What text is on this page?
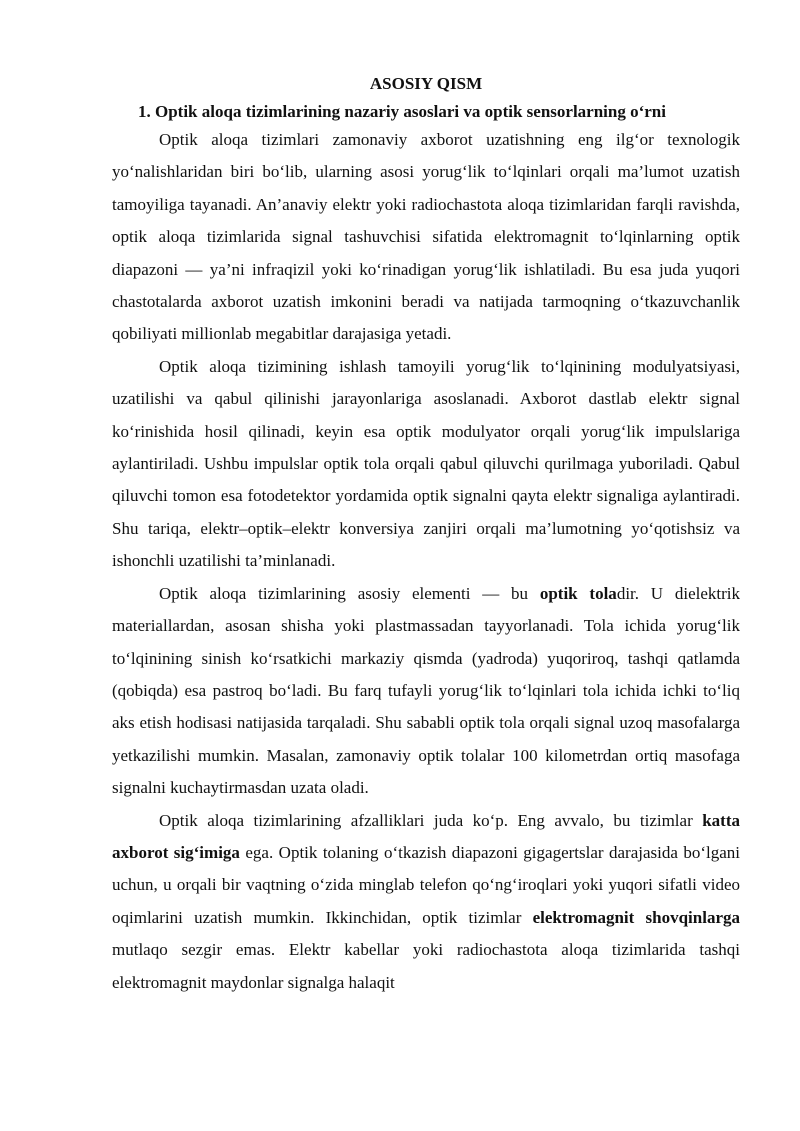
ASOSIY QISM
1. Optik aloqa tizimlarining nazariy asoslari va optik sensorlarning o‘rni

Optik aloqa tizimlari zamonaviy axborot uzatishning eng ilg‘or texnologik yo‘nalishlaridan biri bo‘lib, ularning asosi yorug‘lik to‘lqinlari orqali ma’lumot uzatish tamoyiliga tayanadi. An’anaviy elektr yoki radiochastota aloqa tizimlaridan farqli ravishda, optik aloqa tizimlarida signal tashuvchisi sifatida elektromagnit to‘lqinlarning optik diapazoni — ya’ni infraqizil yoki ko‘rinadigan yorug‘lik ishlatiladi. Bu esa juda yuqori chastotalarda axborot uzatish imkonini beradi va natijada tarmoqning o‘tkazuvchanlik qobiliyati millionlab megabitlar darajasiga yetadi.

Optik aloqa tizimining ishlash tamoyili yorug‘lik to‘lqinining modulyatsiyasi, uzatilishi va qabul qilinishi jarayonlariga asoslanadi. Axborot dastlab elektr signal ko‘rinishida hosil qilinadi, keyin esa optik modulyator orqali yorug‘lik impulslariga aylantiriladi. Ushbu impulslar optik tola orqali qabul qiluvchi qurilmaga yuboriladi. Qabul qiluvchi tomon esa fotodetektor yordamida optik signalni qayta elektr signaliga aylantiradi. Shu tariqa, elektr–optik–elektr konversiya zanjiri orqali ma’lumotning yo‘qotishsiz va ishonchli uzatilishi ta’minlanadi.

Optik aloqa tizimlarining asosiy elementi — bu optik toladir. U dielektrik materiallardan, asosan shisha yoki plastmassadan tayyorlanadi. Tola ichida yorug‘lik to‘lqinining sinish ko‘rsatkichi markaziy qismda (yadroda) yuqoriroq, tashqi qatlamda (qobiqda) esa pastroq bo‘ladi. Bu farq tufayli yorug‘lik to‘lqinlari tola ichida ichki to‘liq aks etish hodisasi natijasida tarqaladi. Shu sababli optik tola orqali signal uzoq masofalarga yetkazilishi mumkin. Masalan, zamonaviy optik tolalar 100 kilometrdan ortiq masofaga signalni kuchaytirmasdan uzata oladi.

Optik aloqa tizimlarining afzalliklari juda ko‘p. Eng avvalo, bu tizimlar katta axborot sig‘imiga ega. Optik tolaning o‘tkazish diapazoni gigagertslar darajasida bo‘lgani uchun, u orqali bir vaqtning o‘zida minglab telefon qo‘ng‘iroqlari yoki yuqori sifatli video oqimlarini uzatish mumkin. Ikkinchidan, optik tizimlar elektromagnit shovqinlarga mutlaqo sezgir emas. Elektr kabellar yoki radiochastota aloqa tizimlarida tashqi elektromagnit maydonlar signalga halaqit
